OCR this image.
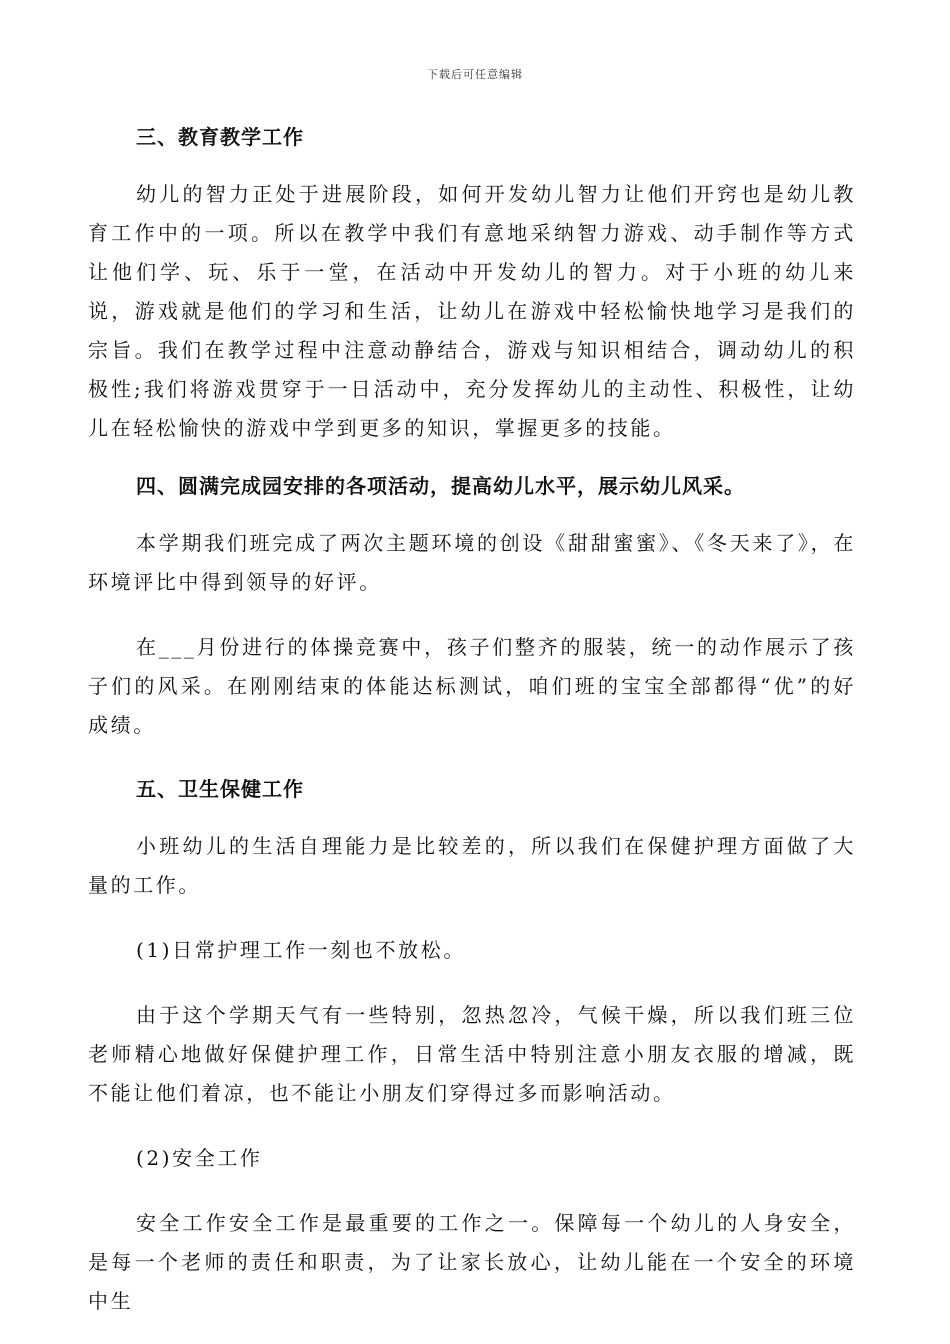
下载后可任意编辑
三、教育教学工作

幼儿的智力正处于进展阶段，如何开发幼儿智力让他们开窍也是幼儿教育工作中的一项。所以在教学中我们有意地采纳智力游戏、动手制作等方式让他们学、玩、乐于一堂，在活动中开发幼儿的智力。对于小班的幼儿来说，游戏就是他们的学习和生活，让幼儿在游戏中轻松愉快地学习是我们的宗旨。我们在教学过程中注意动静结合，游戏与知识相结合，调动幼儿的积极性;我们将游戏贯穿于一日活动中，充分发挥幼儿的主动性、积极性，让幼儿在轻松愉快的游戏中学到更多的知识，掌握更多的技能。

四、圆满完成园安排的各项活动，提高幼儿水平，展示幼儿风采。

本学期我们班完成了两次主题环境的创设《甜甜蜜蜜》、《冬天来了》，在环境评比中得到领导的好评。

在___月份进行的体操竞赛中，孩子们整齐的服装，统一的动作展示了孩子们的风采。在刚刚结束的体能达标测试，咱们班的宝宝全部都得“优”的好成绩。

五、卫生保健工作

小班幼儿的生活自理能力是比较差的，所以我们在保健护理方面做了大量的工作。

(1)日常护理工作一刻也不放松。

由于这个学期天气有一些特别，忽热忽冷，气候干燥，所以我们班三位老师精心地做好保健护理工作，日常生活中特别注意小朋友衣服的增减，既不能让他们着凉，也不能让小朋友们穿得过多而影响活动。

(2)安全工作

安全工作安全工作是最重要的工作之一。保障每一个幼儿的人身安全，是每一个老师的责任和职责，为了让家长放心，让幼儿能在一个安全的环境中生
